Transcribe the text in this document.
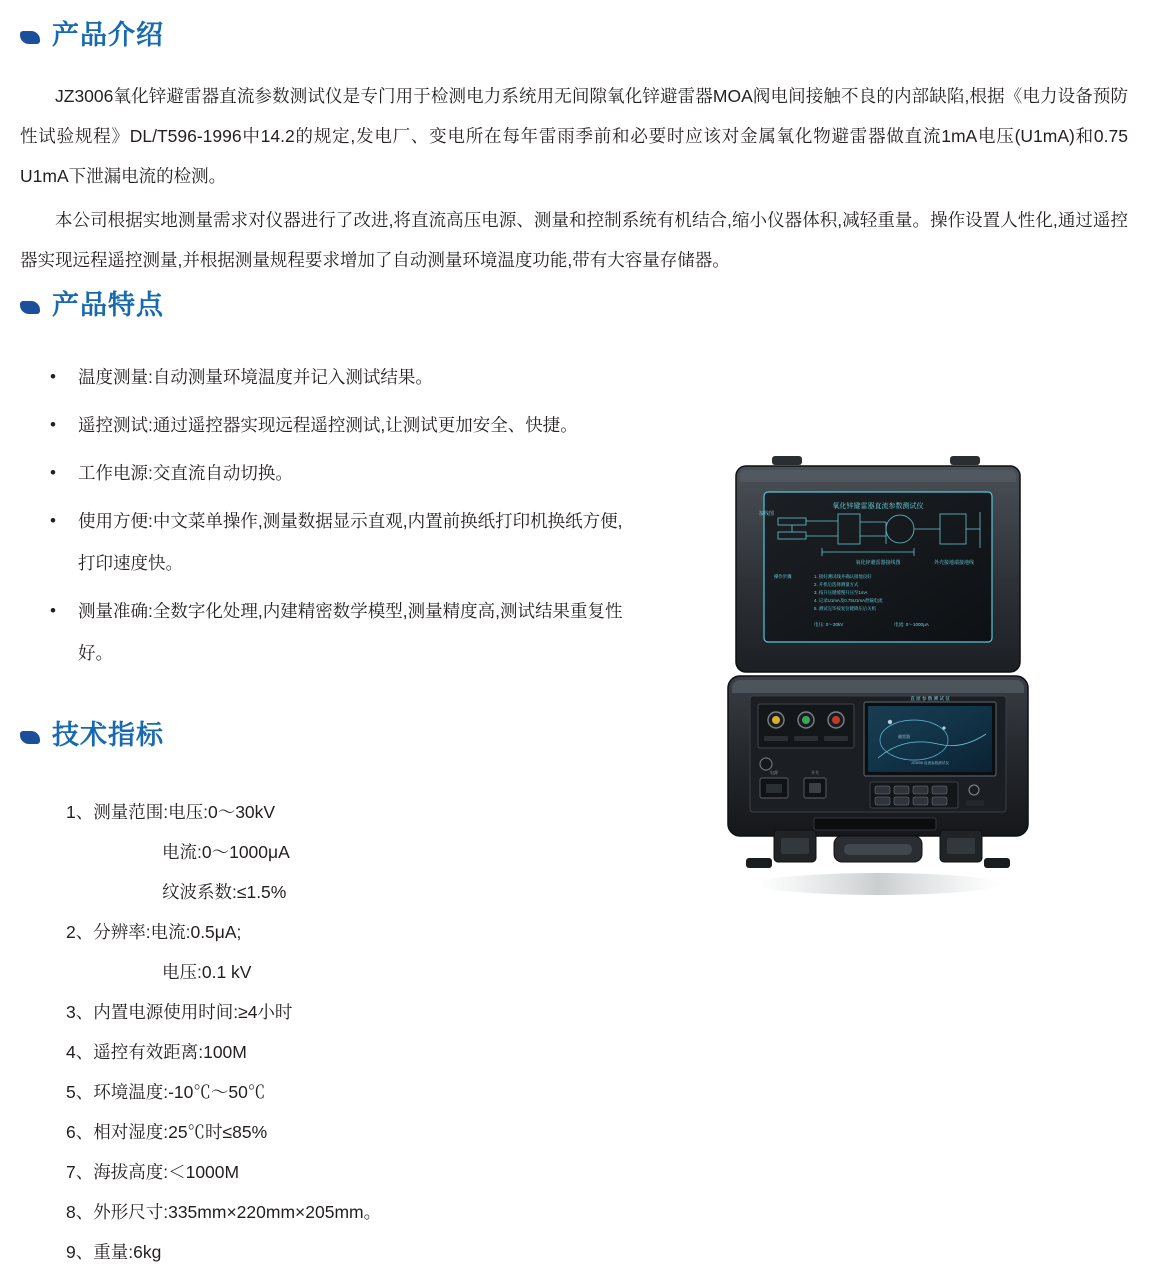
产品介绍

JZ3006氧化锌避雷器直流参数测试仪是专门用于检测电力系统用无间隙氧化锌避雷器MOA阀电间接触不良的内部缺陷,根据《电力设备预防性试验规程》DL/T596-1996中14.2的规定,发电厂、变电所在每年雷雨季前和必要时应该对金属氧化物避雷器做直流1mA电压(U1mA)和0.75 U1mA下泄漏电流的检测。

本公司根据实地测量需求对仪器进行了改进,将直流高压电源、测量和控制系统有机结合,缩小仪器体积,减轻重量。操作设置人性化,通过遥控器实现远程遥控测量,并根据测量规程要求增加了自动测量环境温度功能,带有大容量存储器。

产品特点
•	温度测量:自动测量环境温度并记入测试结果。
•	遥控测试:通过遥控器实现远程遥控测试,让测试更加安全、快捷。
•	工作电源:交直流自动切换。
•	使用方便:中文菜单操作,测量数据显示直观,内置前换纸打印机换纸方便,打印速度快。
•	测量准确:全数字化处理,内建精密数学模型,测量精度高,测试结果重复性好。
技术指标
1、测量范围:电压:0～30kV
电流:0～1000μA
纹波系数:≤1.5%
2、分辨率:电流:0.5μA;
电压:0.1 kV
3、内置电源使用时间:≥4小时
4、遥控有效距离:100M
5、环境温度:-10℃～50℃
6、相对湿度:25℃时≤85%
7、海拔高度:＜1000M
8、外形尺寸:335mm×220mm×205mm。
9、重量:6kg
氧化锌避雷器直流参数测试仪
接线图
氧化锌避雷器接线图	外壳接地端接地线
操作步骤	1. 接好测试线并确认接地良好
2. 开机后选择测量方式
3. 按升压键缓慢升压至1mA
4. 记录U1mA及0.75U1mA泄漏电流
5. 测试完毕按复位键降压后关机
电压: 0～30kV	电流: 0～1000μA
电源	开关
直 流 参 数 测 试 仪
避雷器
JZ3006 直流参数测试仪
